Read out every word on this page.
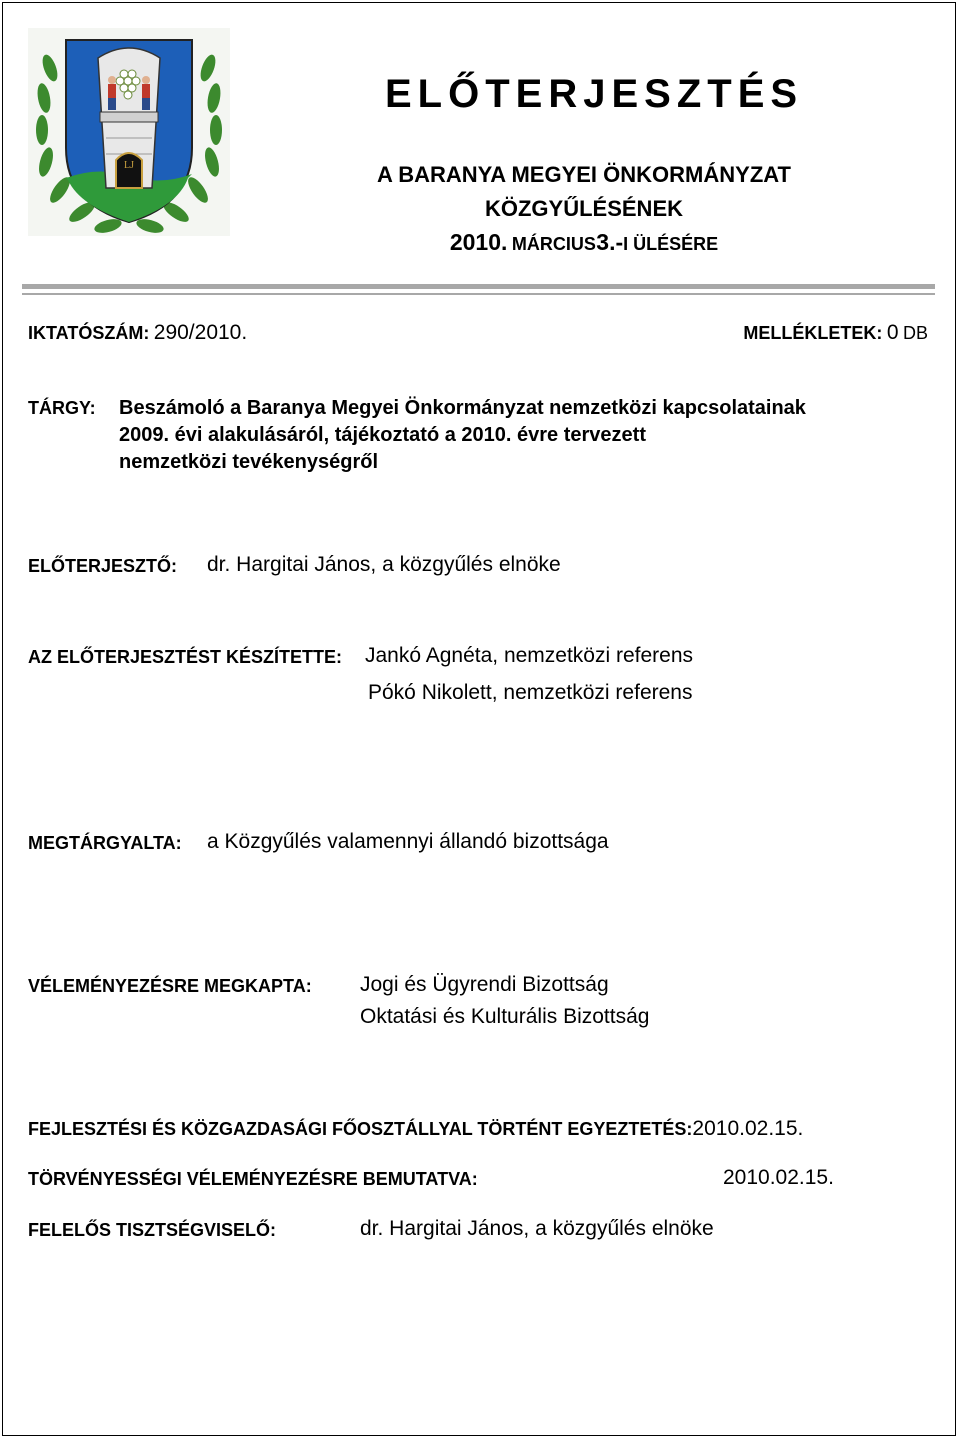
LJ
ELŐTERJESZTÉS
A BARANYA MEGYEI ÖNKORMÁNYZAT
KÖZGYŰLÉSÉNEK
2010. MÁRCIUS 3.-I ÜLÉSÉRE
IKTATÓSZÁM: 290/2010.	MELLÉKLETEK: 0 DB
TÁRGY: Beszámoló a Baranya Megyei Önkormányzat nemzetközi kapcsolatainak
2009. évi alakulásáról, tájékoztató a 2010. évre tervezett
nemzetközi tevékenységről
ELŐTERJESZTŐ: dr. Hargitai János, a közgyűlés elnöke
AZ ELŐTERJESZTÉST KÉSZÍTETTE: Jankó Agnéta, nemzetközi referens
Pókó Nikolett, nemzetközi referens
MEGTÁRGYALTA: a Közgyűlés valamennyi állandó bizottsága
VÉLEMÉNYEZÉSRE MEGKAPTA: Jogi és Ügyrendi Bizottság
Oktatási és Kulturális Bizottság
FEJLESZTÉSI ÉS KÖZGAZDASÁGI FŐOSZTÁLLYAL TÖRTÉNT EGYEZTETÉS:2010.02.15.
TÖRVÉNYESSÉGI VÉLEMÉNYEZÉSRE BEMUTATVA:	2010.02.15.
FELELŐS TISZTSÉGVISELŐ:	dr. Hargitai János, a közgyűlés elnöke
